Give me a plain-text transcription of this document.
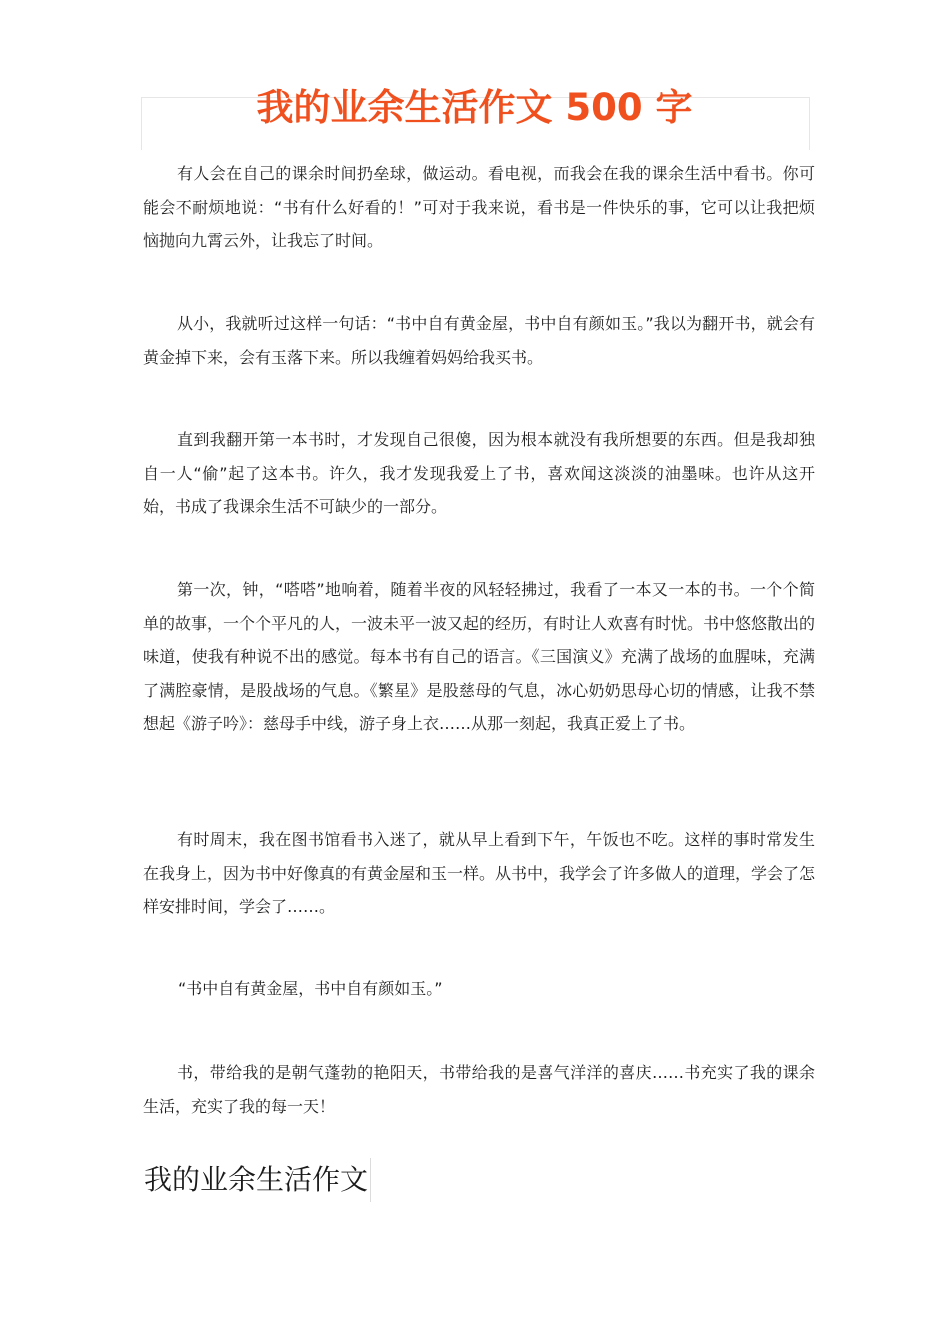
我的业余生活作文 500 字

有人会在自己的课余时间扔垒球，做运动。看电视，而我会在我的课余生活中看书。你可能会不耐烦地说：“书有什么好看的！”可对于我来说，看书是一件快乐的事，它可以让我把烦恼抛向九霄云外，让我忘了时间。

从小，我就听过这样一句话：“书中自有黄金屋，书中自有颜如玉。”我以为翻开书，就会有黄金掉下来，会有玉落下来。所以我缠着妈妈给我买书。

直到我翻开第一本书时，才发现自己很傻，因为根本就没有我所想要的东西。但是我却独自一人“偷”起了这本书。许久，我才发现我爱上了书，喜欢闻这淡淡的油墨味。也许从这开始，书成了我课余生活不可缺少的一部分。

第一次，钟，“嗒嗒”地响着，随着半夜的风轻轻拂过，我看了一本又一本的书。一个个简单的故事，一个个平凡的人，一波未平一波又起的经历，有时让人欢喜有时忧。书中悠悠散出的味道，使我有种说不出的感觉。每本书有自己的语言。《三国演义》充满了战场的血腥味，充满了满腔豪情，是股战场的气息。《繁星》是股慈母的气息，冰心奶奶思母心切的情感，让我不禁想起《游子吟》：慈母手中线，游子身上衣……从那一刻起，我真正爱上了书。

有时周末，我在图书馆看书入迷了，就从早上看到下午，午饭也不吃。这样的事时常发生在我身上，因为书中好像真的有黄金屋和玉一样。从书中，我学会了许多做人的道理，学会了怎样安排时间，学会了……。

“书中自有黄金屋，书中自有颜如玉。”

书，带给我的是朝气蓬勃的艳阳天，书带给我的是喜气洋洋的喜庆……书充实了我的课余生活，充实了我的每一天！

我的业余生活作文
